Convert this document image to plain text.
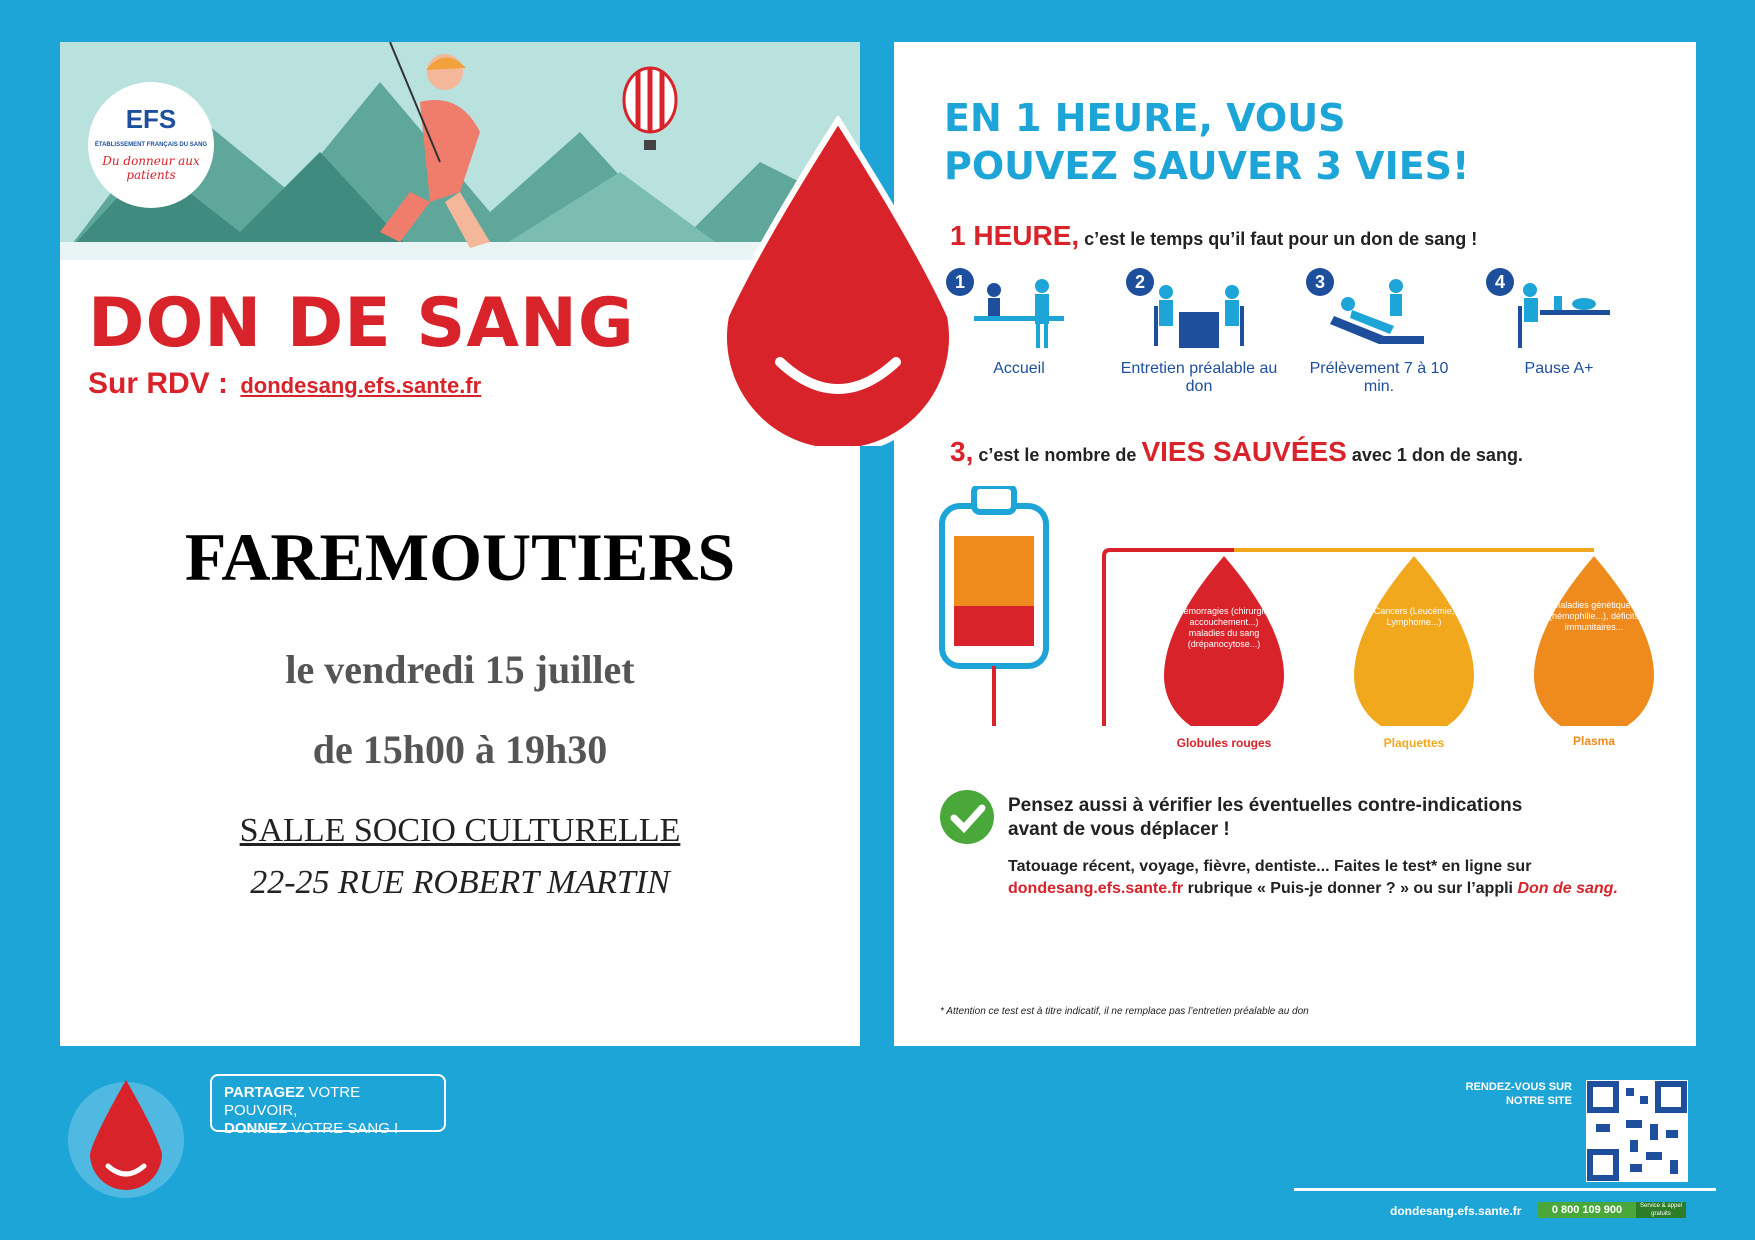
EFS
ÉTABLISSEMENT FRANÇAIS DU SANG
Du donneur aux patients
DON DE SANG
Sur RDV : dondesang.efs.sante.fr
FAREMOUTIERS
le vendredi 15 juillet
de 15h00 à 19h30
SALLE SOCIO CULTURELLE
22-25 RUE ROBERT MARTIN
EN 1 HEURE, VOUS
POUVEZ SAUVER 3 VIES!
1 HEURE, c’est le temps qu’il faut pour un don de sang !
1
Accueil
2
Entretien préalable au don
3
Prélèvement 7 à 10 min.
4
Pause A+
3, c’est le nombre de VIES SAUVÉES avec 1 don de sang.
Hémorragies (chirurgie, accouchement...) maladies du sang (drépanocytose...)
Cancers (Leucémie, Lymphome...)
Maladies génétiques (hémophilie...), déficits immunitaires...
Globules rouges	Plaquettes	Plasma
Pensez aussi à vérifier les éventuelles contre-indications
avant de vous déplacer !
Tatouage récent, voyage, fièvre, dentiste... Faites le test* en ligne sur
dondesang.efs.sante.fr rubrique « Puis-je donner ? » ou sur l’appli Don de sang.
* Attention ce test est à titre indicatif, il ne remplace pas l’entretien préalable au don
PARTAGEZ VOTRE POUVOIR,
DONNEZ VOTRE SANG !
RENDEZ-VOUS SUR NOTRE SITE
dondesang.efs.sante.fr	0 800 109 900	Service & appel gratuits
